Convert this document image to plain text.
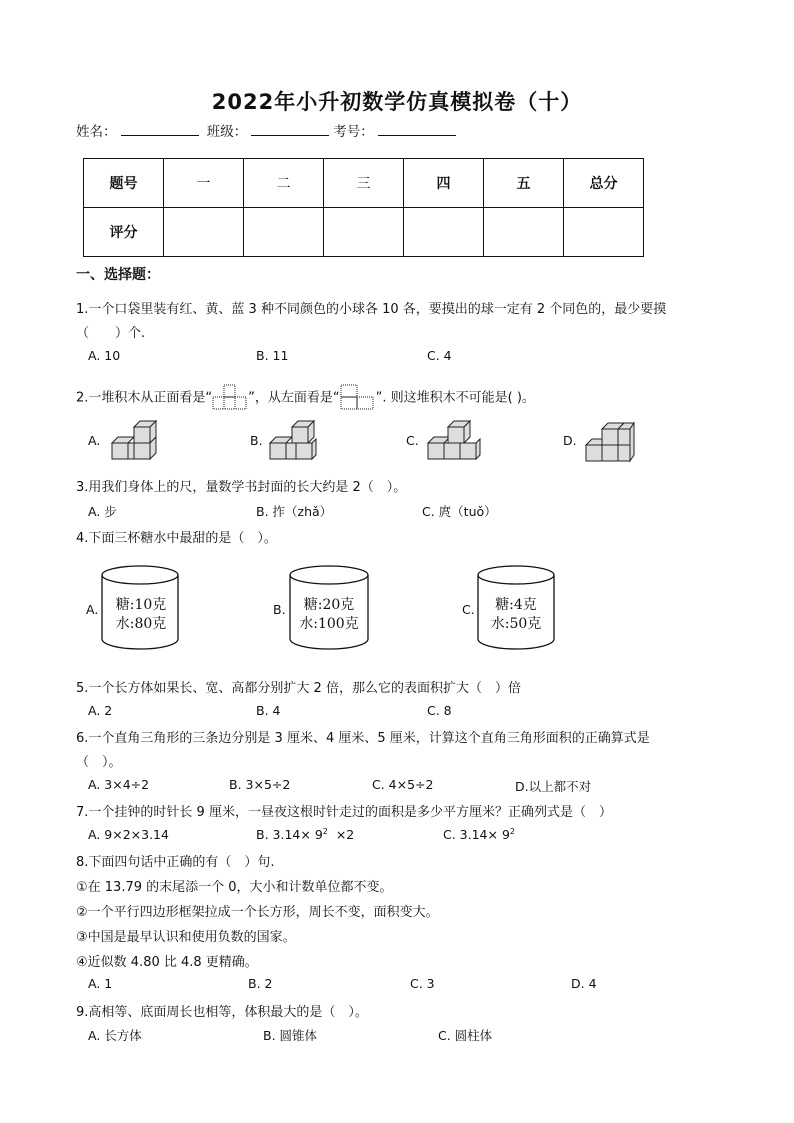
2022年小升初数学仿真模拟卷（十）
姓名：	班级：	考号：
题号	一	二	三	四	五	总分
评分						
一、选择题：
1.一个口袋里装有红、黄、蓝 3 种不同颜色的小球各 10 各，要摸出的球一定有 2 个同色的，最少要摸
（　　）个.
A. 10	B. 11	C. 4
2.一堆积木从正面看是“	”，从左面看是“	”. 则这堆积木不可能是( )。
A.	B.	C.	D.
3.用我们身体上的尺，量数学书封面的长大约是 2（　）。
A. 步	B. 拃（zhǎ）	C. 庹（tuǒ）
4.下面三杯糖水中最甜的是（　）。
A.	糖:10克
水:80克
B.	糖:20克
水:100克
C.	糖:4克
水:50克
5.一个长方体如果长、宽、高都分别扩大 2 倍，那么它的表面积扩大（　）倍
A. 2	B. 4	C. 8
6.一个直角三角形的三条边分别是 3 厘米、4 厘米、5 厘米，计算这个直角三角形面积的正确算式是
（　）。
A. 3×4÷2	B. 3×5÷2	C. 4×5÷2	D.以上都不对
7.一个挂钟的时针长 9 厘米，一昼夜这根时针走过的面积是多少平方厘米？正确列式是（　）
A. 9×2×3.14	B. $3.14\times 9^2 \times 2$	C. $3.14\times 9^2$
8.下面四句话中正确的有（　）句.
①在 13.79 的末尾添一个 0，大小和计数单位都不变。
②一个平行四边形框架拉成一个长方形，周长不变，面积变大。
③中国是最早认识和使用负数的国家。
④近似数 4.80 比 4.8 更精确。
A. 1	B. 2	C. 3	D. 4
9.高相等、底面周长也相等，体积最大的是（　）。
A. 长方体	B. 圆锥体	C. 圆柱体
